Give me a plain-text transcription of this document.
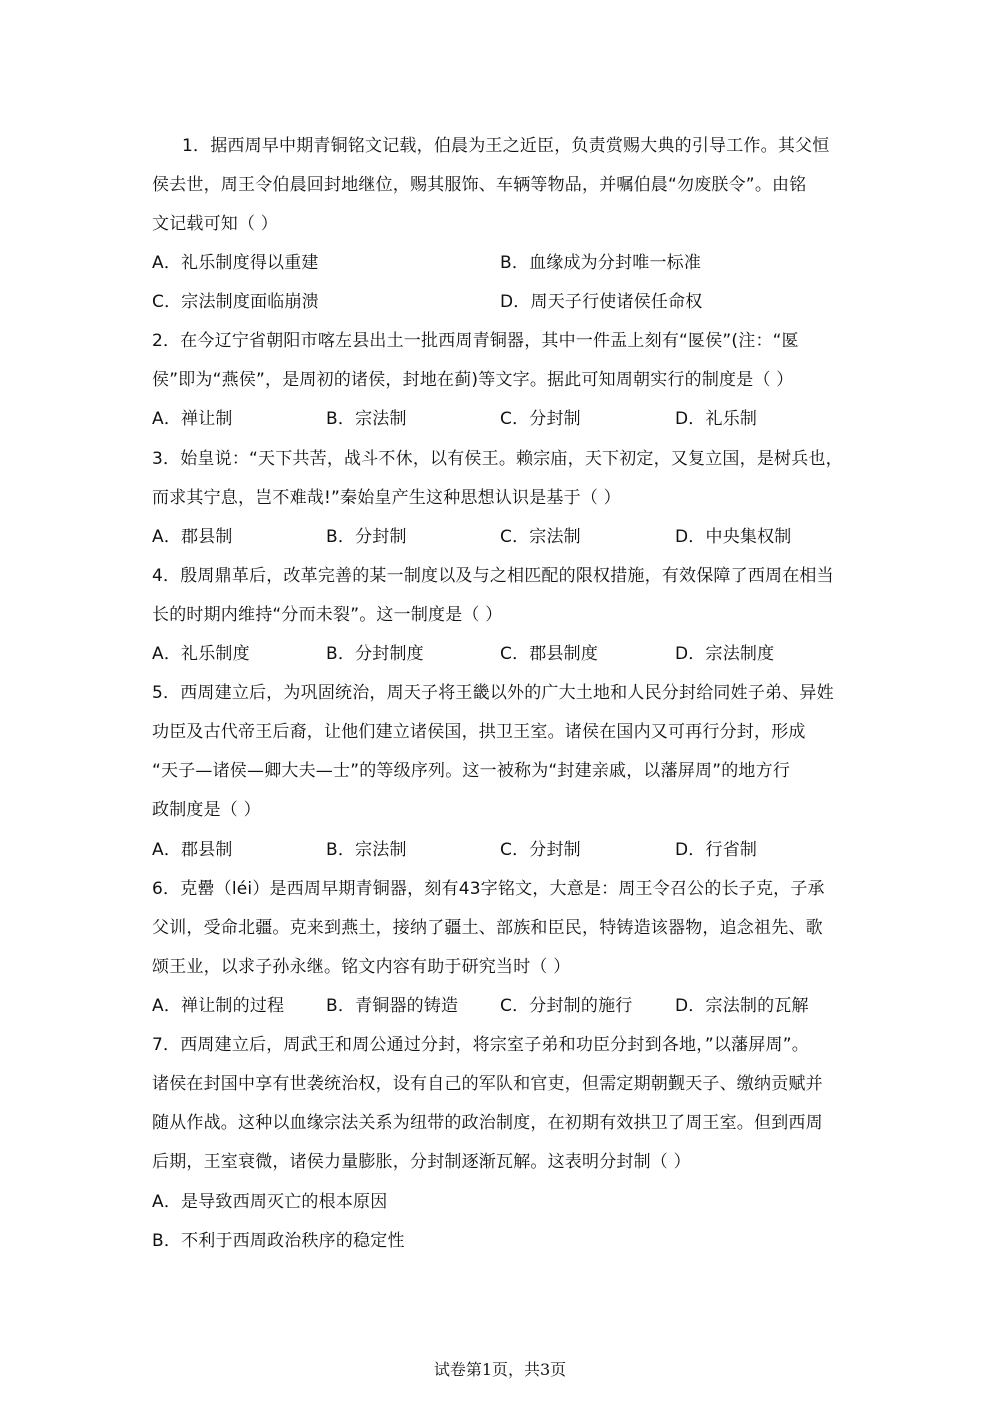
1．据西周早中期青铜铭文记载，伯晨为王之近臣，负责赏赐大典的引导工作。其父恒
侯去世，周王令伯晨回封地继位，赐其服饰、车辆等物品，并嘱伯晨“勿废朕令”。由铭
文记载可知（ ）
A．礼乐制度得以重建	B．血缘成为分封唯一标准
C．宗法制度面临崩溃	D．周天子行使诸侯任命权
2．在今辽宁省朝阳市喀左县出土一批西周青铜器，其中一件盂上刻有“匽侯”(注：“匽
侯”即为“燕侯”，是周初的诸侯，封地在蓟)等文字。据此可知周朝实行的制度是（ ）
A．禅让制	B．宗法制	C．分封制	D．礼乐制
3．始皇说：“天下共苦，战斗不休，以有侯王。赖宗庙，天下初定，又复立国，是树兵也，
而求其宁息，岂不难哉!”秦始皇产生这种思想认识是基于（ ）
A．郡县制	B．分封制	C．宗法制	D．中央集权制
4．殷周鼎革后，改革完善的某一制度以及与之相匹配的限权措施，有效保障了西周在相当
长的时期内维持“分而未裂”。这一制度是（ ）
A．礼乐制度	B．分封制度	C．郡县制度	D．宗法制度
5．西周建立后，为巩固统治，周天子将王畿以外的广大土地和人民分封给同姓子弟、异姓
功臣及古代帝王后裔，让他们建立诸侯国，拱卫王室。诸侯在国内又可再行分封，形成
“天子—诸侯—卿大夫—士”的等级序列。这一被称为“封建亲戚，以藩屏周”的地方行
政制度是（ ）
A．郡县制	B．宗法制	C．分封制	D．行省制
6．克罍（léi）是西周早期青铜器，刻有43字铭文，大意是：周王令召公的长子克，子承
父训，受命北疆。克来到燕土，接纳了疆土、部族和臣民，特铸造该器物，追念祖先、歌
颂王业，以求子孙永继。铭文内容有助于研究当时（ ）
A．禅让制的过程 B．青铜器的铸造 C．分封制的施行	D．宗法制的瓦解
7．西周建立后，周武王和周公通过分封，将宗室子弟和功臣分封到各地，”以藩屏周”。
诸侯在封国中享有世袭统治权，设有自己的军队和官吏，但需定期朝觐天子、缴纳贡赋并
随从作战。这种以血缘宗法关系为纽带的政治制度，在初期有效拱卫了周王室。但到西周
后期，王室衰微，诸侯力量膨胀，分封制逐渐瓦解。这表明分封制（ ）
A．是导致西周灭亡的根本原因
B．不利于西周政治秩序的稳定性
试卷第1页，共3页
